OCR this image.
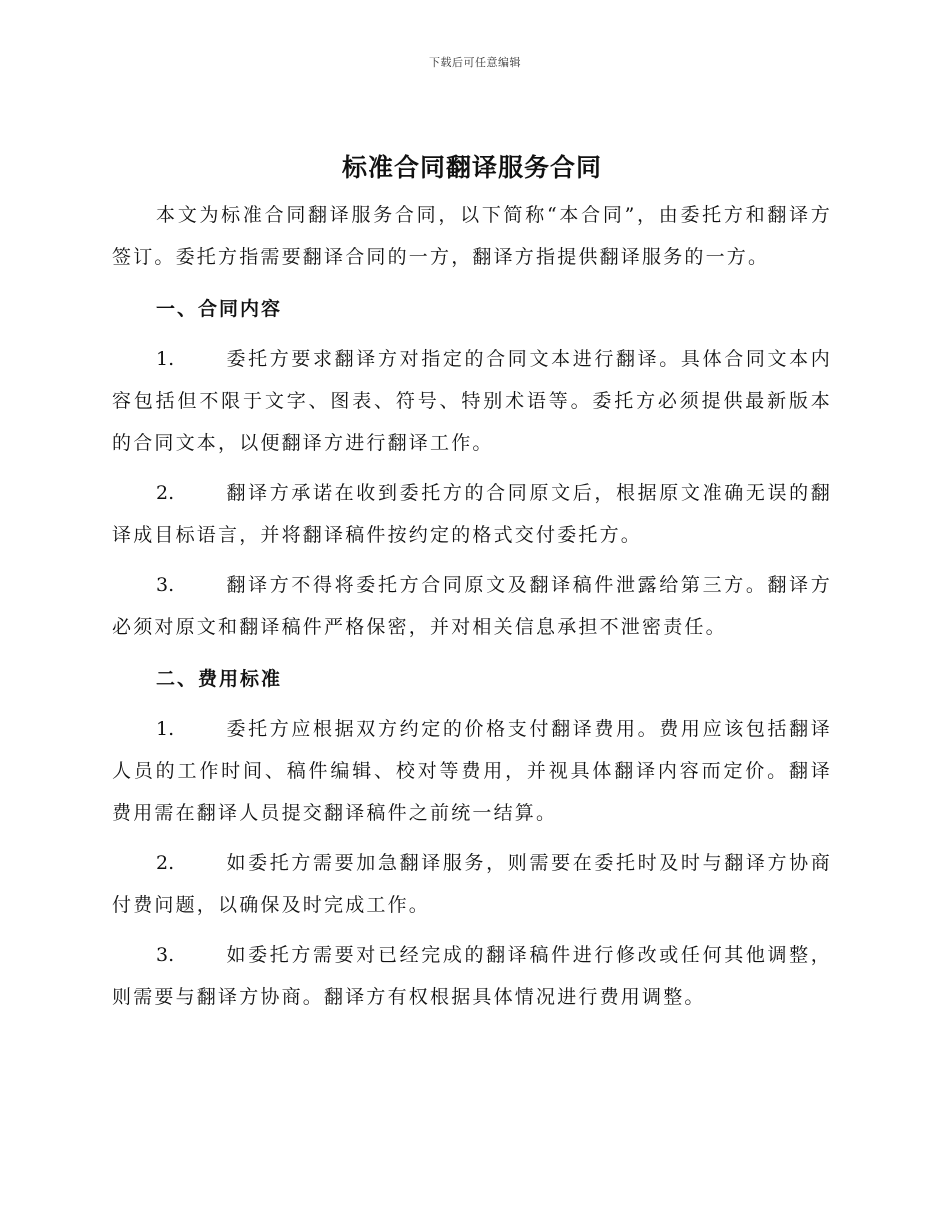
下载后可任意编辑
标准合同翻译服务合同

本文为标准合同翻译服务合同，以下简称“本合同”，由委托方和翻译方签订。委托方指需要翻译合同的一方，翻译方指提供翻译服务的一方。

一、合同内容

1.	委托方要求翻译方对指定的合同文本进行翻译。具体合同文本内容包括但不限于文字、图表、符号、特别术语等。委托方必须提供最新版本的合同文本，以便翻译方进行翻译工作。

2.	翻译方承诺在收到委托方的合同原文后，根据原文准确无误的翻译成目标语言，并将翻译稿件按约定的格式交付委托方。

3.	翻译方不得将委托方合同原文及翻译稿件泄露给第三方。翻译方必须对原文和翻译稿件严格保密，并对相关信息承担不泄密责任。

二、费用标准

1.	委托方应根据双方约定的价格支付翻译费用。费用应该包括翻译人员的工作时间、稿件编辑、校对等费用，并视具体翻译内容而定价。翻译费用需在翻译人员提交翻译稿件之前统一结算。

2.	如委托方需要加急翻译服务，则需要在委托时及时与翻译方协商付费问题，以确保及时完成工作。

3.	如委托方需要对已经完成的翻译稿件进行修改或任何其他调整，则需要与翻译方协商。翻译方有权根据具体情况进行费用调整。
